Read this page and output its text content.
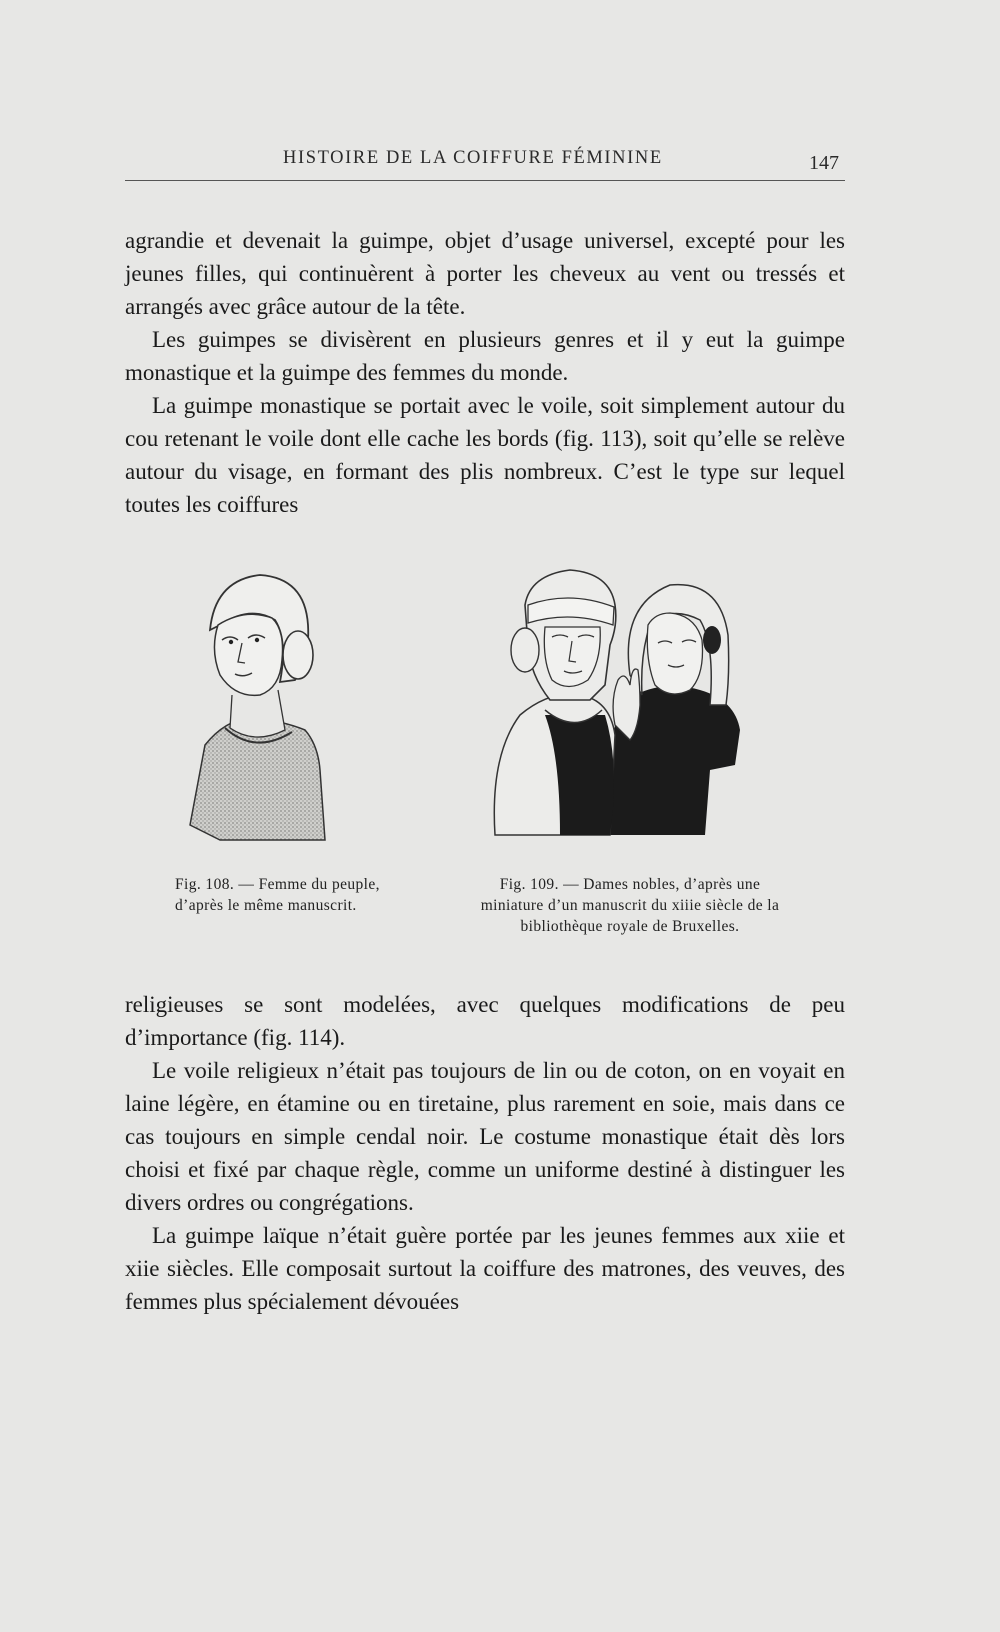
HISTOIRE DE LA COIFFURE FÉMININE	147

agrandie et devenait la guimpe, objet d’usage universel, excepté pour les jeunes filles, qui continuèrent à porter les cheveux au vent ou tressés et arrangés avec grâce autour de la tête.

Les guimpes se divisèrent en plusieurs genres et il y eut la guimpe monastique et la guimpe des femmes du monde.

La guimpe monastique se portait avec le voile, soit simplement autour du cou retenant le voile dont elle cache les bords (fig. 113), soit qu’elle se relève autour du visage, en formant des plis nombreux. C’est le type sur lequel toutes les coiffures

Fig. 108. — Femme du peuple, d’après le même manuscrit.
Fig. 109. — Dames nobles, d’après une miniature d’un manuscrit du xiiie siècle de la bibliothèque royale de Bruxelles.

religieuses se sont modelées, avec quelques modifications de peu d’importance (fig. 114).

Le voile religieux n’était pas toujours de lin ou de coton, on en voyait en laine légère, en étamine ou en tiretaine, plus rarement en soie, mais dans ce cas toujours en simple cendal noir. Le costume monastique était dès lors choisi et fixé par chaque règle, comme un uniforme destiné à distinguer les divers ordres ou congrégations.

La guimpe laïque n’était guère portée par les jeunes femmes aux xiie et xiie siècles. Elle composait surtout la coiffure des matrones, des veuves, des femmes plus spécialement dévouées
